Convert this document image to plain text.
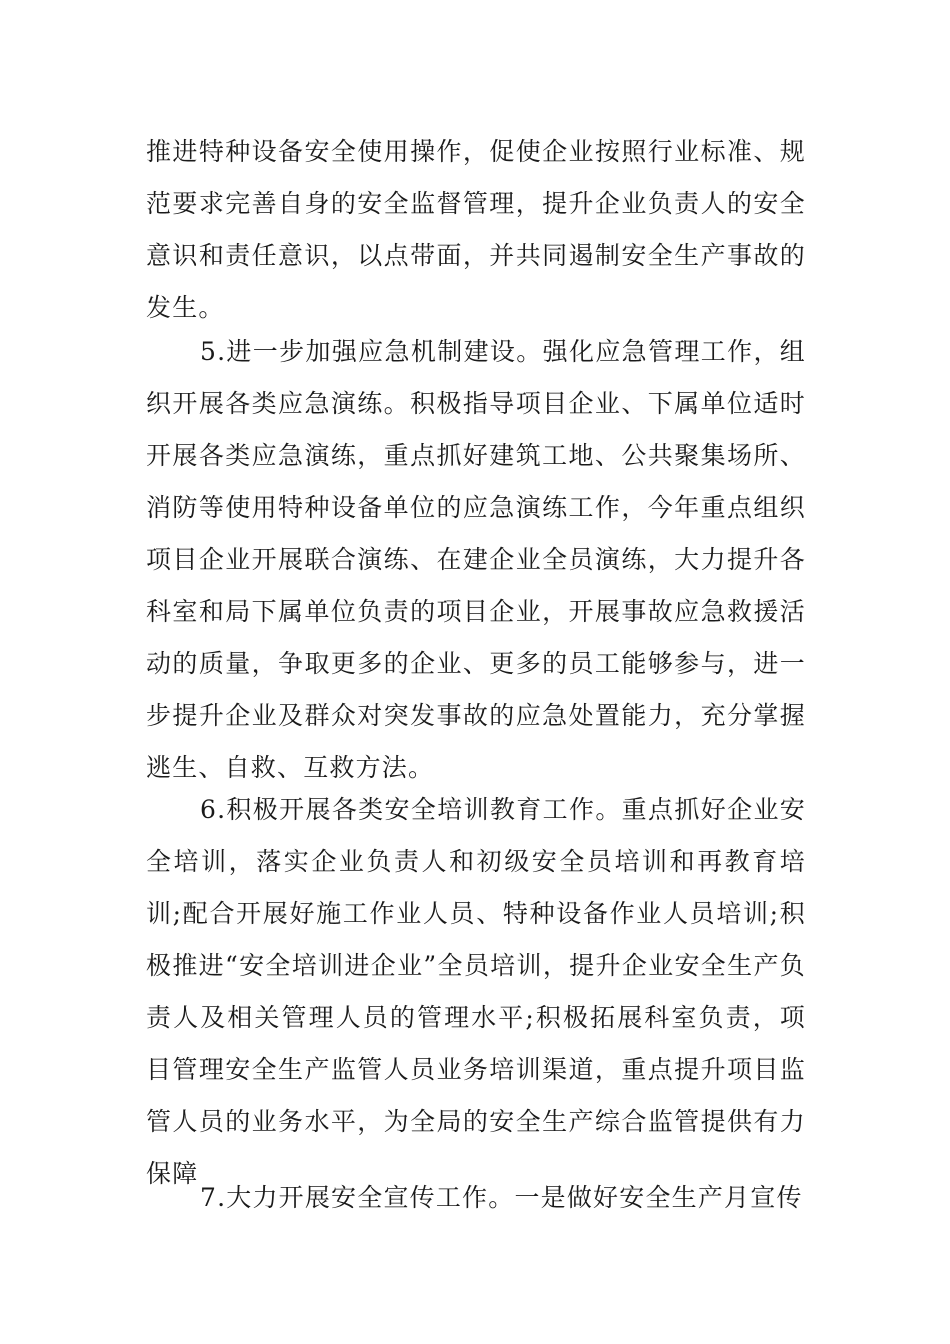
推进特种设备安全使用操作，促使企业按照行业标准、规范要求完善自身的安全监督管理，提升企业负责人的安全意识和责任意识，以点带面，并共同遏制安全生产事故的发生。

5.进一步加强应急机制建设。强化应急管理工作，组织开展各类应急演练。积极指导项目企业、下属单位适时开展各类应急演练，重点抓好建筑工地、公共聚集场所、消防等使用特种设备单位的应急演练工作，今年重点组织项目企业开展联合演练、在建企业全员演练，大力提升各科室和局下属单位负责的项目企业，开展事故应急救援活动的质量，争取更多的企业、更多的员工能够参与，进一步提升企业及群众对突发事故的应急处置能力，充分掌握逃生、自救、互救方法。

6.积极开展各类安全培训教育工作。重点抓好企业安全培训，落实企业负责人和初级安全员培训和再教育培训;配合开展好施工作业人员、特种设备作业人员培训;积极推进“安全培训进企业”全员培训，提升企业安全生产负责人及相关管理人员的管理水平;积极拓展科室负责，项目管理安全生产监管人员业务培训渠道，重点提升项目监管人员的业务水平，为全局的安全生产综合监管提供有力保障

7.大力开展安全宣传工作。一是做好安全生产月宣传
